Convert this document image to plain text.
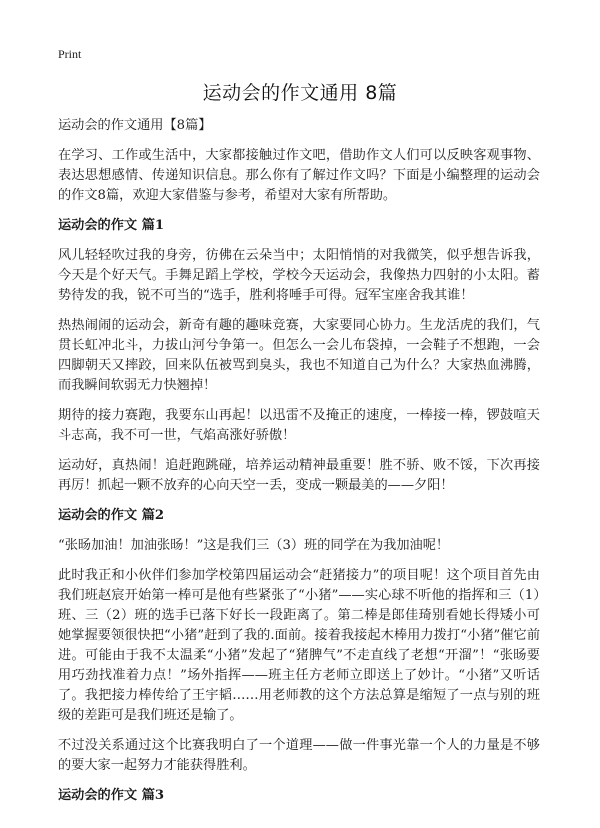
Print
运动会的作文通用 8篇

运动会的作文通用【8篇】

在学习、工作或生活中，大家都接触过作文吧，借助作文人们可以反映客观事物、表达思想感情、传递知识信息。那么你有了解过作文吗？下面是小编整理的运动会的作文8篇，欢迎大家借鉴与参考，希望对大家有所帮助。

运动会的作文 篇1

风儿轻轻吹过我的身旁，彷佛在云朵当中；太阳悄悄的对我微笑，似乎想告诉我，今天是个好天气。手舞足蹈上学校，学校今天运动会，我像热力四射的小太阳。蓄势待发的我，锐不可当的“选手，胜利将唾手可得。冠军宝座舍我其谁！

热热闹闹的运动会，新奇有趣的趣味竞赛，大家要同心协力。生龙活虎的我们，气贯长虹冲北斗，力拔山河兮争第一。但怎么一会儿布袋掉，一会鞋子不想跑，一会四脚朝天又摔跤，回来队伍被骂到臭头，我也不知道自己为什么？大家热血沸腾，而我瞬间软弱无力快翘掉！

期待的接力赛跑，我要东山再起！以迅雷不及掩正的速度，一棒接一棒，锣鼓喧天斗志高，我不可一世，气焰高涨好骄傲！

运动好，真热闹！追赶跑跳碰，培养运动精神最重要！胜不骄、败不馁，下次再接再厉！抓起一颗不放弃的心向天空一丢，变成一颗最美的——夕阳！

运动会的作文 篇2

“张旸加油！加油张旸！”这是我们三（3）班的同学在为我加油呢！

此时我正和小伙伴们参加学校第四届运动会“赶猪接力”的项目呢！这个项目首先由我们班赵宸开始第一棒可是他有些紧张了“小猪”——实心球不听他的指挥和三（1）班、三（2）班的选手已落下好长一段距离了。第二棒是郎佳琦别看她长得矮小可她掌握要领很快把“小猪”赶到了我的.面前。接着我接起木棒用力拨打“小猪”催它前进。可能由于我不太温柔“小猪”发起了“猪脾气”不走直线了老想“开溜”！“张旸要用巧劲找准着力点！”场外指挥——班主任方老师立即送上了妙计。“小猪”又听话了。我把接力棒传给了王宇韬……用老师教的这个方法总算是缩短了一点与别的班级的差距可是我们班还是输了。

不过没关系通过这个比赛我明白了一个道理——做一件事光靠一个人的力量是不够的要大家一起努力才能获得胜利。

运动会的作文 篇3
